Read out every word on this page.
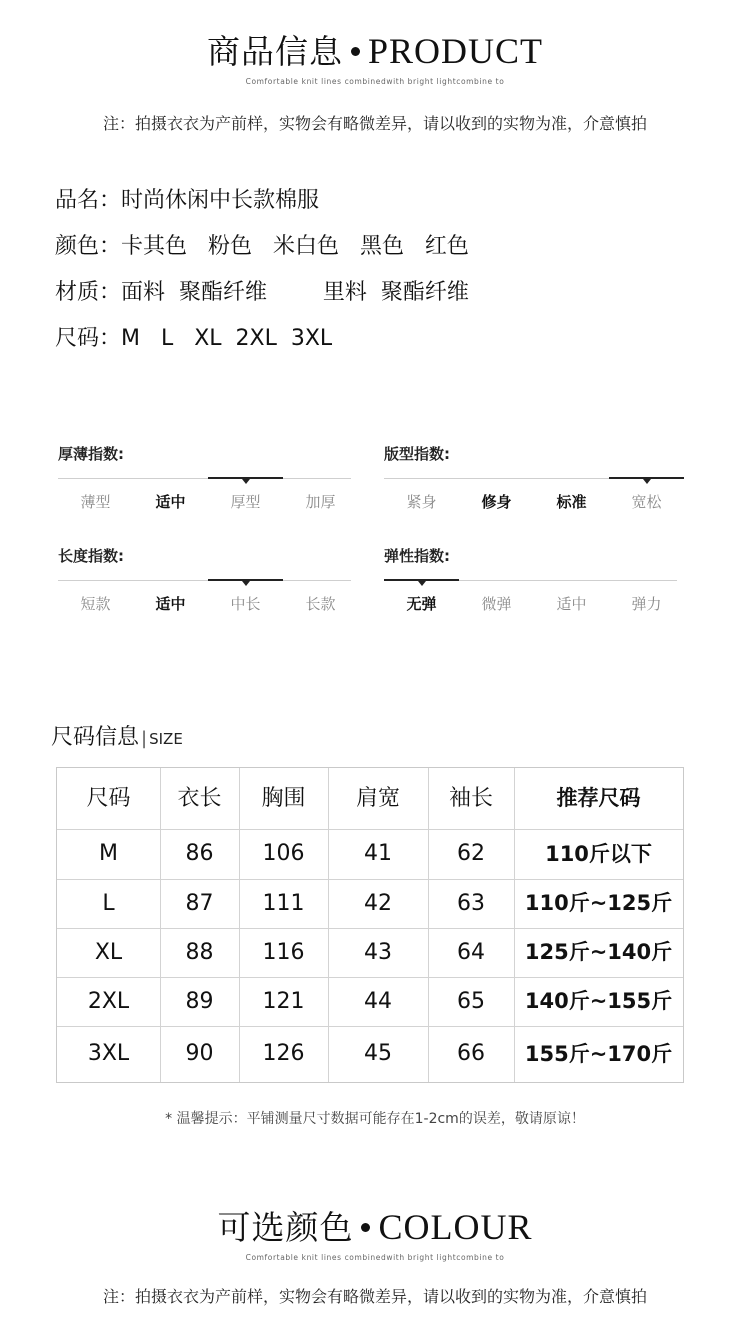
商品信息 PRODUCT
Comfortable knit lines combinedwith bright lightcombine to
注：拍摄衣衣为产前样，实物会有略微差异，请以收到的实物为准，介意慎拍
品名：时尚休闲中长款棉服
颜色：卡其色   粉色   米白色   黑色   红色
材质：面料  聚酯纤维        里料  聚酯纤维
尺码：M   L   XL  2XL  3XL
厚薄指数:
薄型	适中	厚型	加厚
版型指数:
紧身	修身	标准	宽松
长度指数:
短款	适中	中长	长款
弹性指数:
无弹	微弹	适中	弹力
尺码信息 | SIZE
尺码	衣长	胸围	肩宽	袖长	推荐尺码
M	86	106	41	62	110斤以下
L	87	111	42	63	110斤~125斤
XL	88	116	43	64	125斤~140斤
2XL	89	121	44	65	140斤~155斤
3XL	90	126	45	66	155斤~170斤
* 温馨提示：平铺测量尺寸数据可能存在1-2cm的误差，敬请原谅！
可选颜色 COLOUR
Comfortable knit lines combinedwith bright lightcombine to
注：拍摄衣衣为产前样，实物会有略微差异，请以收到的实物为准，介意慎拍
